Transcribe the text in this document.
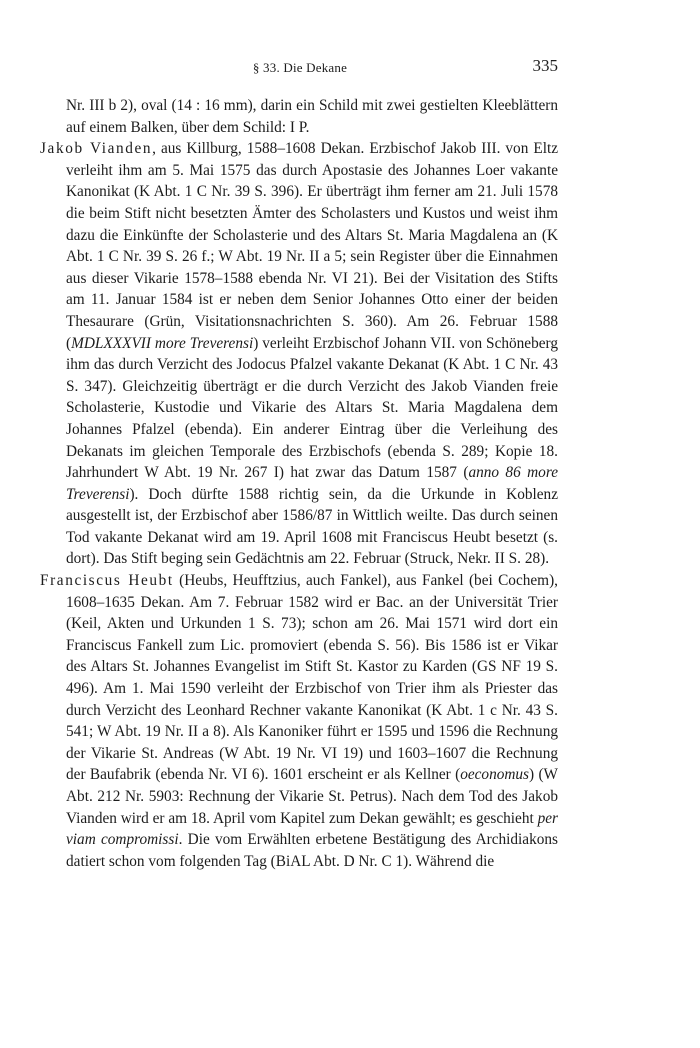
§ 33. Die Dekane	335

Nr. III b 2), oval (14 : 16 mm), darin ein Schild mit zwei gestielten Kleeblättern auf einem Balken, über dem Schild: I P.

Jakob Vianden, aus Killburg, 1588–1608 Dekan. Erzbischof Jakob III. von Eltz verleiht ihm am 5. Mai 1575 das durch Apostasie des Johannes Loer vakante Kanonikat (K Abt. 1 C Nr. 39 S. 396). Er überträgt ihm ferner am 21. Juli 1578 die beim Stift nicht besetzten Ämter des Scholasters und Kustos und weist ihm dazu die Einkünfte der Scholasterie und des Altars St. Maria Magdalena an (K Abt. 1 C Nr. 39 S. 26 f.; W Abt. 19 Nr. II a 5; sein Register über die Einnahmen aus dieser Vikarie 1578–1588 ebenda Nr. VI 21). Bei der Visitation des Stifts am 11. Januar 1584 ist er neben dem Senior Johannes Otto einer der beiden Thesaurare (Grün, Visitationsnachrichten S. 360). Am 26. Februar 1588 (MDLXXXVII more Treverensi) verleiht Erzbischof Johann VII. von Schöneberg ihm das durch Verzicht des Jodocus Pfalzel vakante Dekanat (K Abt. 1 C Nr. 43 S. 347). Gleichzeitig überträgt er die durch Verzicht des Jakob Vianden freie Scholasterie, Kustodie und Vikarie des Altars St. Maria Magdalena dem Johannes Pfalzel (ebenda). Ein anderer Eintrag über die Verleihung des Dekanats im gleichen Temporale des Erzbischofs (ebenda S. 289; Kopie 18. Jahrhundert W Abt. 19 Nr. 267 I) hat zwar das Datum 1587 (anno 86 more Treverensi). Doch dürfte 1588 richtig sein, da die Urkunde in Koblenz ausgestellt ist, der Erzbischof aber 1586/87 in Wittlich weilte. Das durch seinen Tod vakante Dekanat wird am 19. April 1608 mit Franciscus Heubt besetzt (s. dort). Das Stift beging sein Gedächtnis am 22. Februar (Struck, Nekr. II S. 28).

Franciscus Heubt (Heubs, Heufftzius, auch Fankel), aus Fankel (bei Cochem), 1608–1635 Dekan. Am 7. Februar 1582 wird er Bac. an der Universität Trier (Keil, Akten und Urkunden 1 S. 73); schon am 26. Mai 1571 wird dort ein Franciscus Fankell zum Lic. promoviert (ebenda S. 56). Bis 1586 ist er Vikar des Altars St. Johannes Evangelist im Stift St. Kastor zu Karden (GS NF 19 S. 496). Am 1. Mai 1590 verleiht der Erzbischof von Trier ihm als Priester das durch Verzicht des Leonhard Rechner vakante Kanonikat (K Abt. 1 c Nr. 43 S. 541; W Abt. 19 Nr. II a 8). Als Kanoniker führt er 1595 und 1596 die Rechnung der Vikarie St. Andreas (W Abt. 19 Nr. VI 19) und 1603–1607 die Rechnung der Baufabrik (ebenda Nr. VI 6). 1601 erscheint er als Kellner (oeconomus) (W Abt. 212 Nr. 5903: Rechnung der Vikarie St. Petrus). Nach dem Tod des Jakob Vianden wird er am 18. April vom Kapitel zum Dekan gewählt; es geschieht per viam compromissi. Die vom Erwählten erbetene Bestätigung des Archidiakons datiert schon vom folgenden Tag (BiAL Abt. D Nr. C 1). Während die
